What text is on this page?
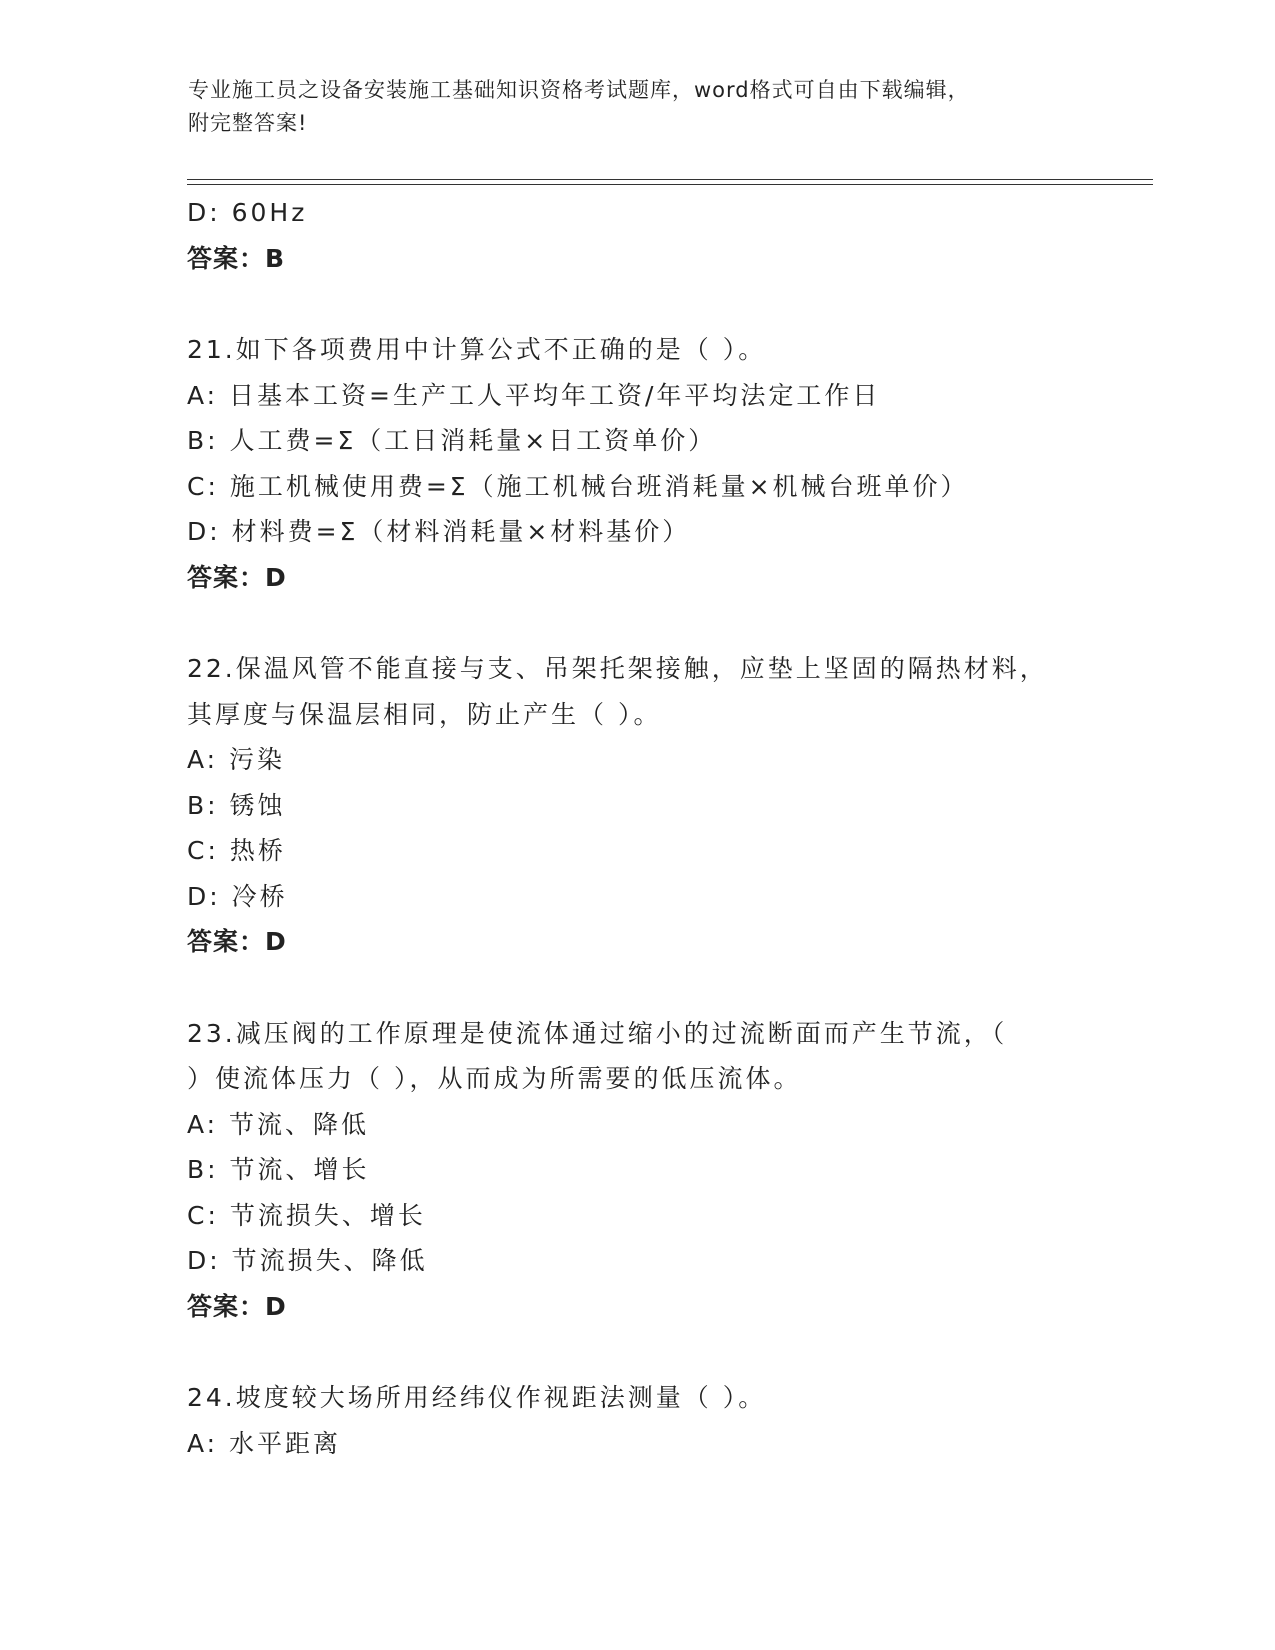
专业施工员之设备安装施工基础知识资格考试题库，word格式可自由下载编辑，
附完整答案!
D: 60Hz
答案：B
21.如下各项费用中计算公式不正确的是（ ）。
A: 日基本工资=生产工人平均年工资/年平均法定工作日
B: 人工费=Σ（工日消耗量×日工资单价）
C: 施工机械使用费=Σ（施工机械台班消耗量×机械台班单价）
D: 材料费=Σ（材料消耗量×材料基价）
答案：D
22.保温风管不能直接与支、吊架托架接触，应垫上坚固的隔热材料，
其厚度与保温层相同，防止产生（ ）。
A: 污染
B: 锈蚀
C: 热桥
D: 冷桥
答案：D
23.减压阀的工作原理是使流体通过缩小的过流断面而产生节流，（
）使流体压力（ ），从而成为所需要的低压流体。
A: 节流、降低
B: 节流、增长
C: 节流损失、增长
D: 节流损失、降低
答案：D
24.坡度较大场所用经纬仪作视距法测量（ ）。
A: 水平距离
